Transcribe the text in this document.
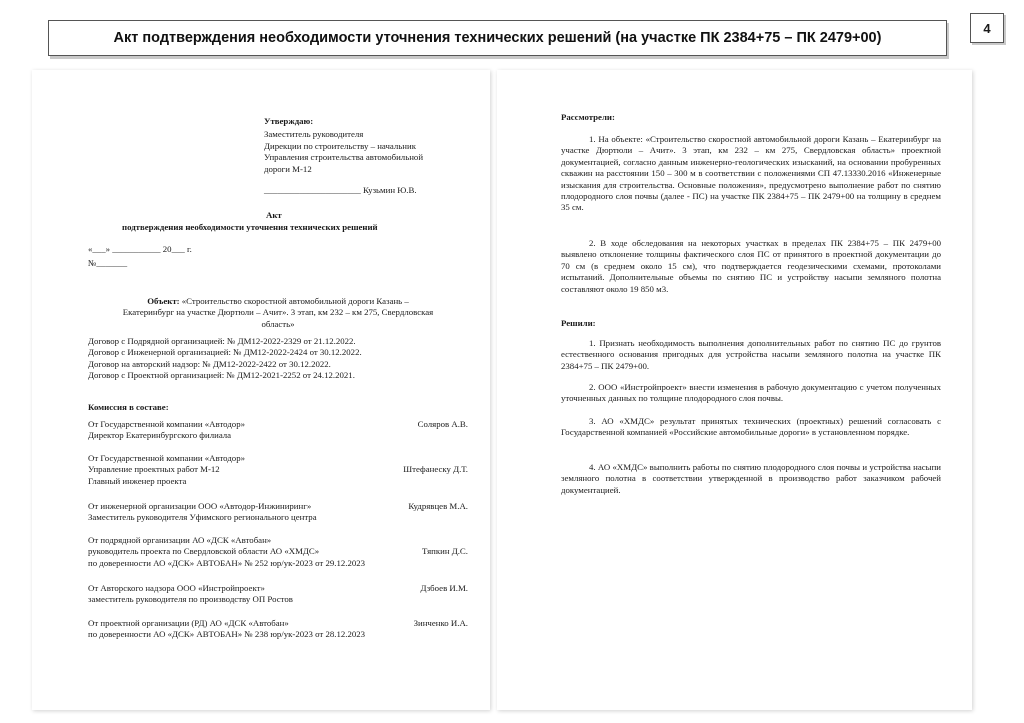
Акт подтверждения необходимости уточнения технических решений (на участке ПК 2384+75 – ПК 2479+00)
4

Утверждаю:

Заместитель руководителя

Дирекции по строительству – начальник

Управления строительства автомобильной

дороги М-12

______________________ Кузьмин Ю.В.

Акт

подтверждения необходимости уточнения технических решений

«___» ___________ 20___ г.

№_______

Объект: «Строительство скоростной автомобильной дороги Казань –

Екатеринбург на участке Дюртюли – Ачит». 3 этап, км 232 – км 275, Свердловская

область»

Договор с Подрядной организацией: № ДМ12-2022-2329 от 21.12.2022.

Договор с Инженерной организацией: № ДМ12-2022-2424 от 30.12.2022.

Договор на авторский надзор: № ДМ12-2022-2422 от 30.12.2022.

Договор с Проектной организацией: № ДМ12-2021-2252 от 24.12.2021.

Комиссия в составе:

От Государственной компании «Автодор»

Директор Екатеринбургского филиала

Соляров А.В.

От Государственной компании «Автодор»

Управление проектных работ М-12

Главный инженер проекта

Штефанеску Д.Т.

От инженерной организации ООО «Автодор-Инжиниринг»

Заместитель руководителя Уфимского регионального центра

Кудрявцев М.А.

От подрядной организации АО «ДСК «Автобан»

руководитель проекта по Свердловской области АО «ХМДС»

по доверенности АО «ДСК» АВТОБАН» № 252 юр/ук-2023 от 29.12.2023

Тяпкин Д.С.

От Авторского надзора ООО «Инстройпроект»

заместитель руководителя по производству ОП Ростов

Дзбоев И.М.

От проектной организации (РД) АО «ДСК «Автобан»

по доверенности АО «ДСК» АВТОБАН» № 238 юр/ук-2023 от 28.12.2023

Зинченко И.А.

Рассмотрели:

1. На объекте: «Строительство скоростной автомобильной дороги Казань – Екатеринбург на участке Дюртюли – Ачит». 3 этап, км 232 – км 275, Свердловская область» проектной документацией, согласно данным инженерно-геологических изысканий, на основании пробуренных скважин на расстоянии 150 – 300 м в соответствии с положениями СП 47.13330.2016 «Инженерные изыскания для строительства. Основные положения», предусмотрено выполнение работ по снятию плодородного слоя почвы (далее - ПС) на участке ПК 2384+75 – ПК 2479+00 на толщину в среднем 35 см.
2. В ходе обследования на некоторых участках в пределах ПК 2384+75 – ПК 2479+00 выявлено отклонение толщины фактического слоя ПС от принятого в проектной документации до 70 см (в среднем около 15 см), что подтверждается геодезическими схемами, протоколами испытаний. Дополнительные объемы по снятию ПС и устройству насыпи земляного полотна составляют около 19 850 м3.

Решили:

1. Признать необходимость выполнения дополнительных работ по снятию ПС до грунтов естественного основания пригодных для устройства насыпи земляного полотна на участке ПК 2384+75 – ПК 2479+00.
2. ООО «Инстройпроект» внести изменения в рабочую документацию с учетом полученных уточненных данных по толщине плодородного слоя почвы.
3. АО «ХМДС» результат принятых технических (проектных) решений согласовать с Государственной компанией «Российские автомобильные дороги» в установленном порядке.
4. АО «ХМДС» выполнить работы по снятию плодородного слоя почвы и устройства насыпи земляного полотна в соответствии утвержденной в производство работ заказчиком рабочей документацией.
